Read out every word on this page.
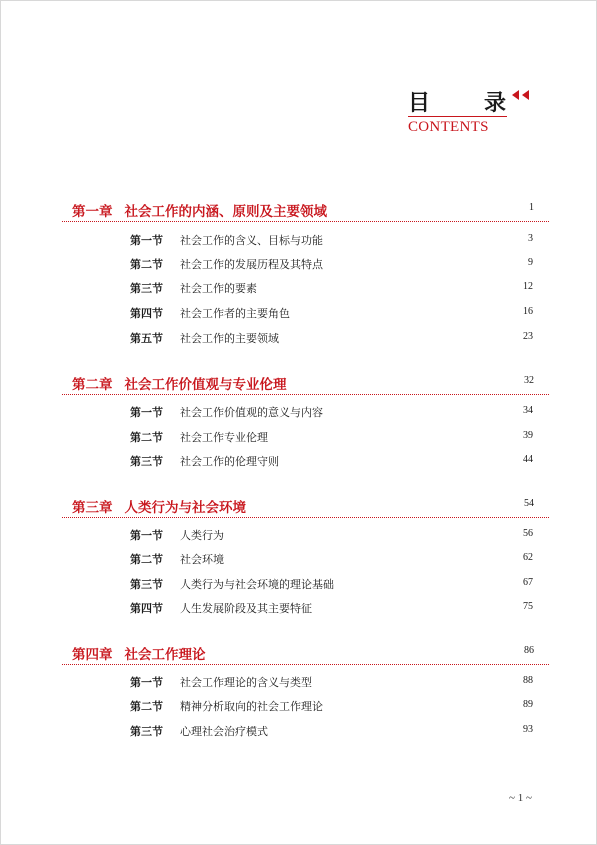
目 录
CONTENTS
第一章 社会工作的内涵、原则及主要领域	1
第一节 社会工作的含义、目标与功能	3
第二节 社会工作的发展历程及其特点	9
第三节 社会工作的要素	12
第四节 社会工作者的主要角色	16
第五节 社会工作的主要领域	23
第二章 社会工作价值观与专业伦理	32
第一节 社会工作价值观的意义与内容	34
第二节 社会工作专业伦理	39
第三节 社会工作的伦理守则	44
第三章 人类行为与社会环境	54
第一节 人类行为	56
第二节 社会环境	62
第三节 人类行为与社会环境的理论基础	67
第四节 人生发展阶段及其主要特征	75
第四章 社会工作理论	86
第一节 社会工作理论的含义与类型	88
第二节 精神分析取向的社会工作理论	89
第三节 心理社会治疗模式	93
~ 1 ~
